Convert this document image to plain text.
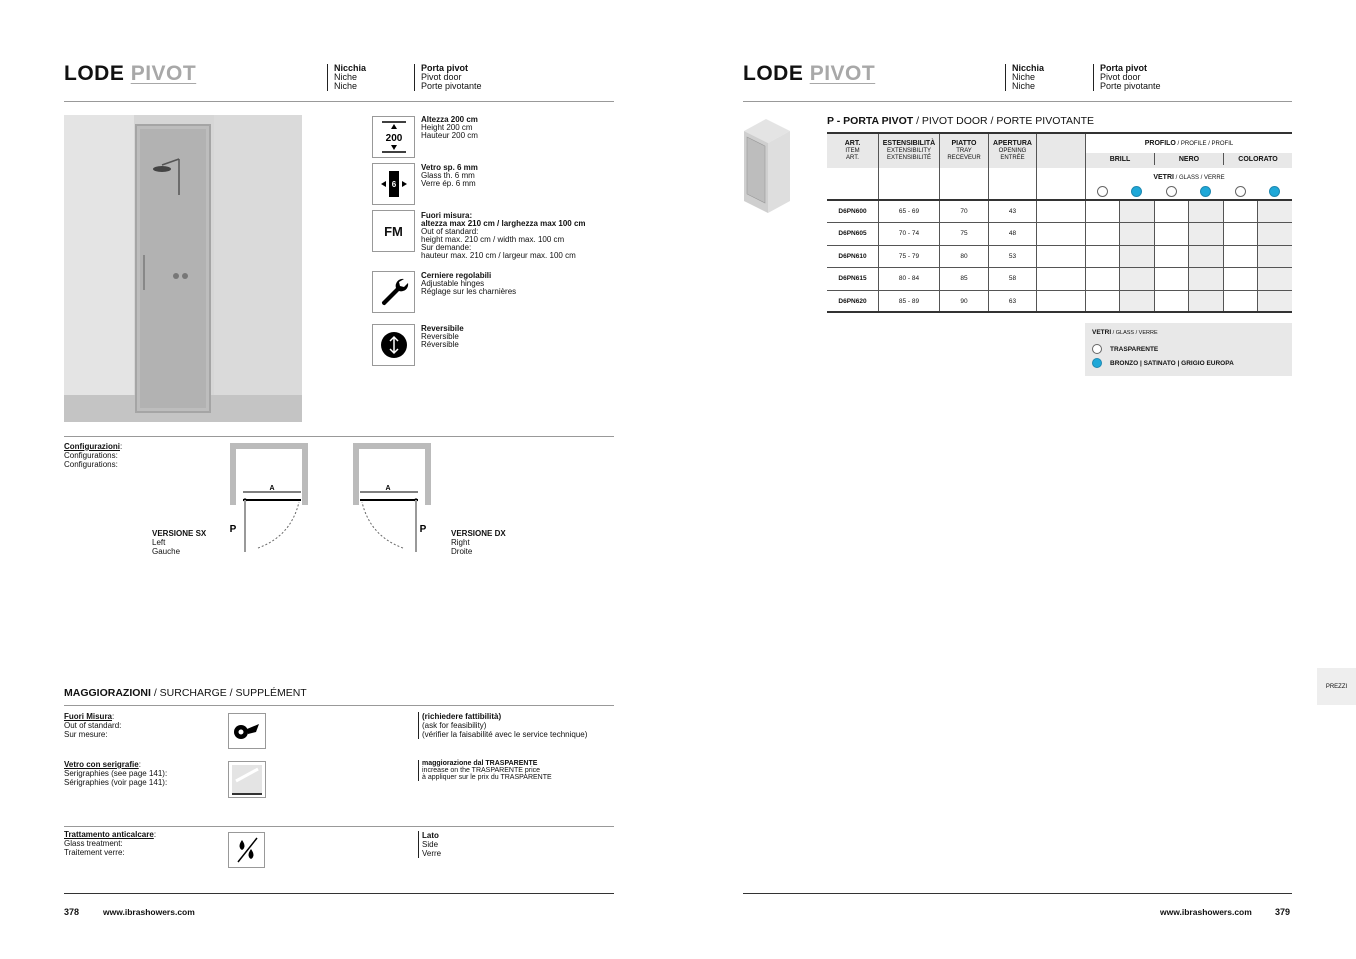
LODE PIVOT	Nicchia
Niche
Niche
Porta pivot
Pivot door
Porte pivotante
200
Altezza 200 cm
Height 200 cm
Hauteur 200 cm
6
Vetro sp. 6 mm
Glass th. 6 mm
Verre ép. 6 mm
FM
Fuori misura:
altezza max 210 cm / larghezza max 100 cm
Out of standard:
height max. 210 cm / width max. 100 cm
Sur demande:
hauteur max. 210 cm / largeur max. 100 cm
Cerniere regolabili
Adjustable hinges
Réglage sur les charnières
Reversibile
Reversible
Réversible
Configurazioni:
Configurations:
Configurations:
A
P
VERSIONE SX
Left
Gauche
A
P	VERSIONE DX
Right
Droite
MAGGIORAZIONI / SURCHARGE / SUPPLÉMENT
Fuori Misura:
Out of standard:
Sur mesure:
(richiedere fattibilità)
(ask for feasibility)
(vérifier la faisabilité avec le service technique)
Vetro con serigrafie:
Serigraphies (see page 141):
Sérigraphies (voir page 141):
maggiorazione dal TRASPARENTE
increase on the TRASPARENTE price
à appliquer sur le prix du TRASPARENTE
Trattamento anticalcare:
Glass treatment:
Traitement verre:
Lato
Side
Verre
378	www.ibrashowers.com
LODE PIVOT	Nicchia
Niche
Niche
Porta pivot
Pivot door
Porte pivotante
P - PORTA PIVOT / PIVOT DOOR / PORTE PIVOTANTE
ART.
ITEM
ART.
ESTENSIBILITÀ
EXTENSIBILITY
EXTENSIBILITÉ
PIATTO
TRAY
RECEVEUR
APERTURA
OPENING
ENTRÉE
PROFILO / PROFILE / PROFIL
BRILL	NERO	COLORATO
VETRI / GLASS / VERRE
D6PN600	65 - 69	70	43
D6PN605	70 - 74	75	48
D6PN610	75 - 79	80	53
D6PN615	80 - 84	85	58
D6PN620	85 - 89	90	63
VETRI / GLASS / VERRE
TRASPARENTE
BRONZO | SATINATO | GRIGIO EUROPA
PREZZI
www.ibrashowers.com	379
